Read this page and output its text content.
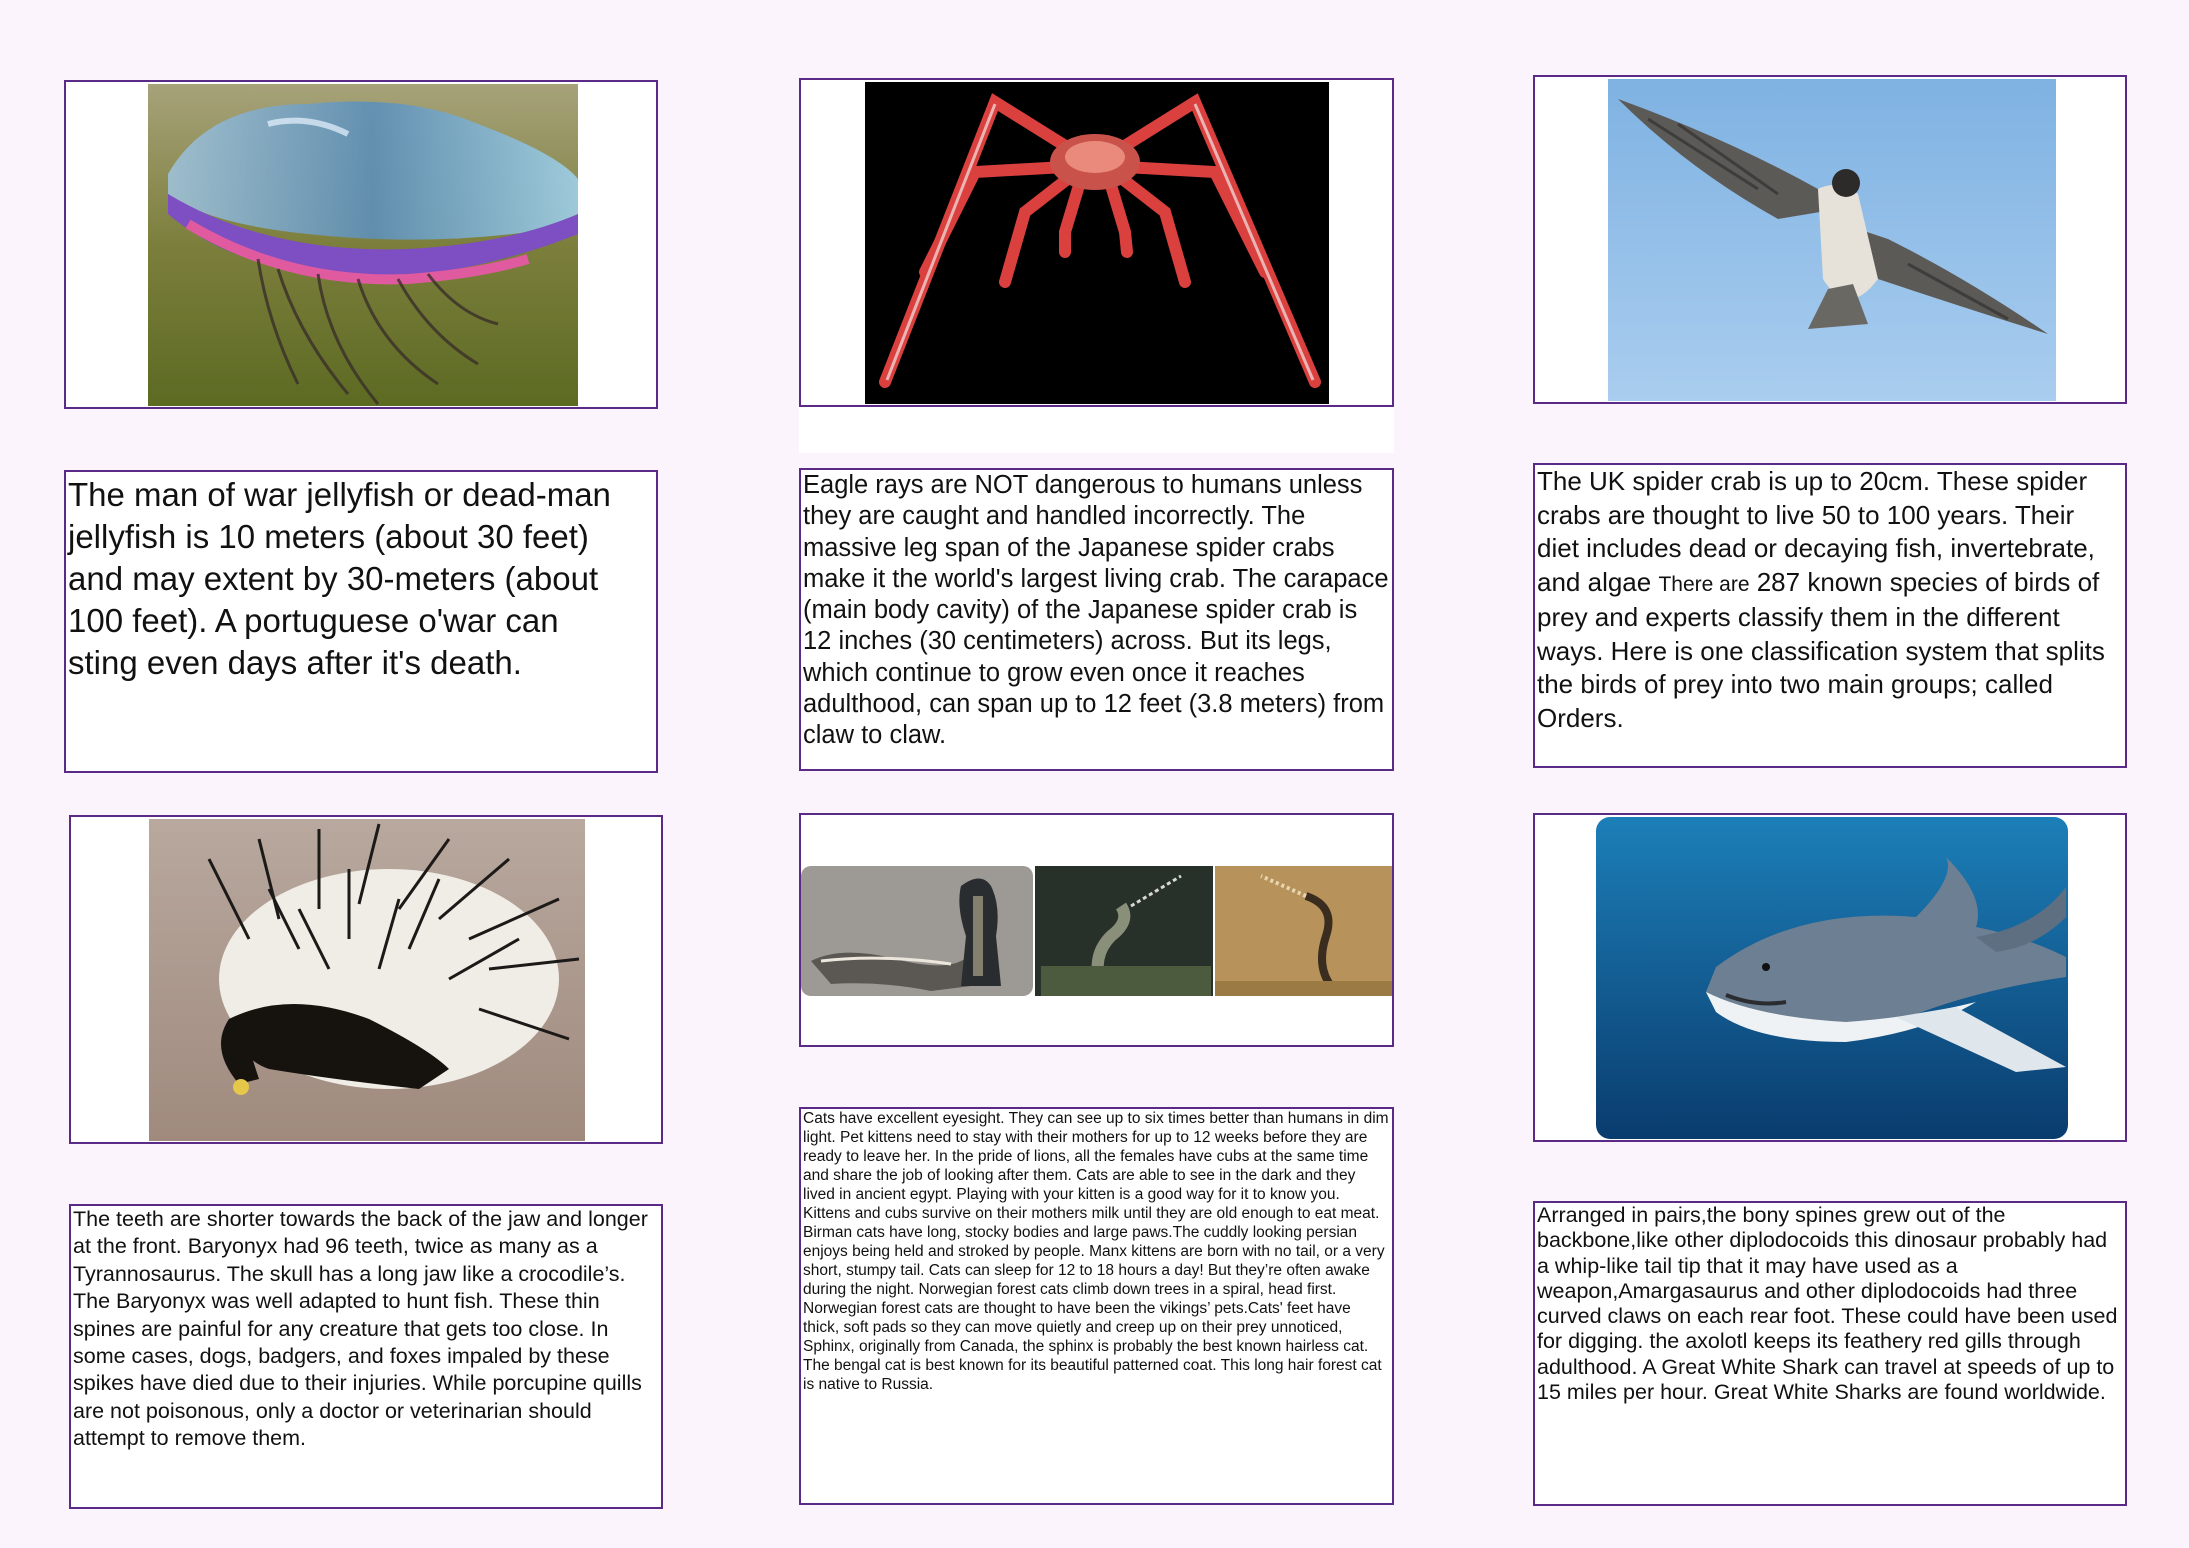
The man of war jellyfish or dead-man jellyfish is 10 meters (about 30 feet) and may extent by 30-meters (about 100 feet). A portuguese o'war can sting even days after it's death.

Eagle rays are NOT dangerous to humans unless they are caught and handled incorrectly. The massive leg span of the Japanese spider crabs make it the world's largest living crab. The carapace (main body cavity) of the Japanese spider crab is 12 inches (30 centimeters) across. But its legs, which continue to grow even once it reaches adulthood, can span up to 12 feet (3.8 meters) from claw to claw.

The UK spider crab is up to 20cm. These spider crabs are thought to live 50 to 100 years. Their diet includes dead or decaying fish, invertebrate, and algae There are 287 known species of birds of prey and experts classify them in the different ways. Here is one classification system that splits the birds of prey into two main groups; called Orders.

The teeth are shorter towards the back of the jaw and longer at the front. Baryonyx had 96 teeth, twice as many as a Tyrannosaurus. The skull has a long jaw like a crocodile’s. The Baryonyx was well adapted to hunt fish. These thin spines are painful for any creature that gets too close. In some cases, dogs, badgers, and foxes impaled by these spikes have died due to their injuries. While porcupine quills are not poisonous, only a doctor or veterinarian should attempt to remove them.

Cats have excellent eyesight. They can see up to six times better than humans in dim light. Pet kittens need to stay with their mothers for up to 12 weeks before they are ready to leave her. In the pride of lions, all the females have cubs at the same time and share the job of looking after them. Cats are able to see in the dark and they lived in ancient egypt. Playing with your kitten is a good way for it to know you. Kittens and cubs survive on their mothers milk until they are old enough to eat meat. Birman cats have long, stocky bodies and large paws.The cuddly looking persian enjoys being held and stroked by people. Manx kittens are born with no tail, or a very short, stumpy tail. Cats can sleep for 12 to 18 hours a day! But they’re often awake during the night. Norwegian forest cats climb down trees in a spiral, head first. Norwegian forest cats are thought to have been the vikings’ pets.Cats' feet have thick, soft pads so they can move quietly and creep up on their prey unnoticed, Sphinx, originally from Canada, the sphinx is probably the best known hairless cat. The bengal cat is best known for its beautiful patterned coat. This long hair forest cat is native to Russia.

Arranged in pairs,the bony spines grew out of the backbone,like other diplodocoids this dinosaur probably had a whip-like tail tip that it may have used as a weapon,Amargasaurus and other diplodocoids had three curved claws on each rear foot. These could have been used for digging. the axolotl keeps its feathery red gills through adulthood. A Great White Shark can travel at speeds of up to 15 miles per hour. Great White Sharks are found worldwide.
